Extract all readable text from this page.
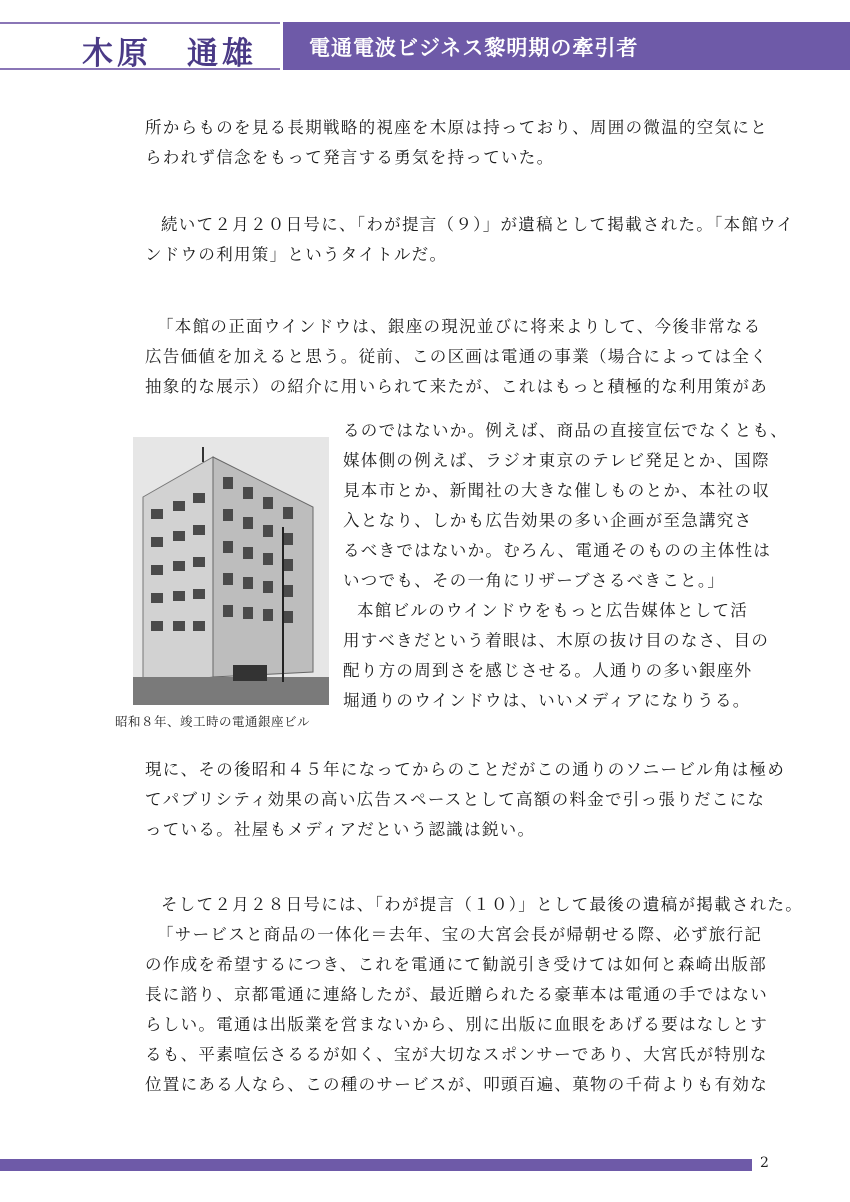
木原　通雄 電通電波ビジネス黎明期の牽引者
所からものを見る長期戦略的視座を木原は持っており、周囲の微温的空気にと
らわれず信念をもって発言する勇気を持っていた。
続いて２月２０日号に、「わが提言（９）」が遺稿として掲載された。「本館ウイ
ンドウの利用策」というタイトルだ。
「本館の正面ウインドウは、銀座の現況並びに将来よりして、今後非常なる
広告価値を加えると思う。従前、この区画は電通の事業（場合によっては全く
抽象的な展示）の紹介に用いられて来たが、これはもっと積極的な利用策があ
昭和８年、竣工時の電通銀座ビル
るのではないか。例えば、商品の直接宣伝でなくとも、
媒体側の例えば、ラジオ東京のテレビ発足とか、国際
見本市とか、新聞社の大きな催しものとか、本社の収
入となり、しかも広告効果の多い企画が至急講究さ
るべきではないか。むろん、電通そのものの主体性は
いつでも、その一角にリザーブさるべきこと。」
本館ビルのウインドウをもっと広告媒体として活
用すべきだという着眼は、木原の抜け目のなさ、目の
配り方の周到さを感じさせる。人通りの多い銀座外
堀通りのウインドウは、いいメディアになりうる。
現に、その後昭和４５年になってからのことだがこの通りのソニービル角は極め
てパブリシティ効果の高い広告スペースとして高額の料金で引っ張りだこにな
っている。社屋もメディアだという認識は鋭い。
そして２月２８日号には、「わが提言（１０）」として最後の遺稿が掲載された。
「サービスと商品の一体化＝去年、宝の大宮会長が帰朝せる際、必ず旅行記
の作成を希望するにつき、これを電通にて勧説引き受けては如何と森崎出版部
長に諮り、京都電通に連絡したが、最近贈られたる豪華本は電通の手ではない
らしい。電通は出版業を営まないから、別に出版に血眼をあげる要はなしとす
るも、平素喧伝さるるが如く、宝が大切なスポンサーであり、大宮氏が特別な
位置にある人なら、この種のサービスが、叩頭百遍、菓物の千荷よりも有効な
2
